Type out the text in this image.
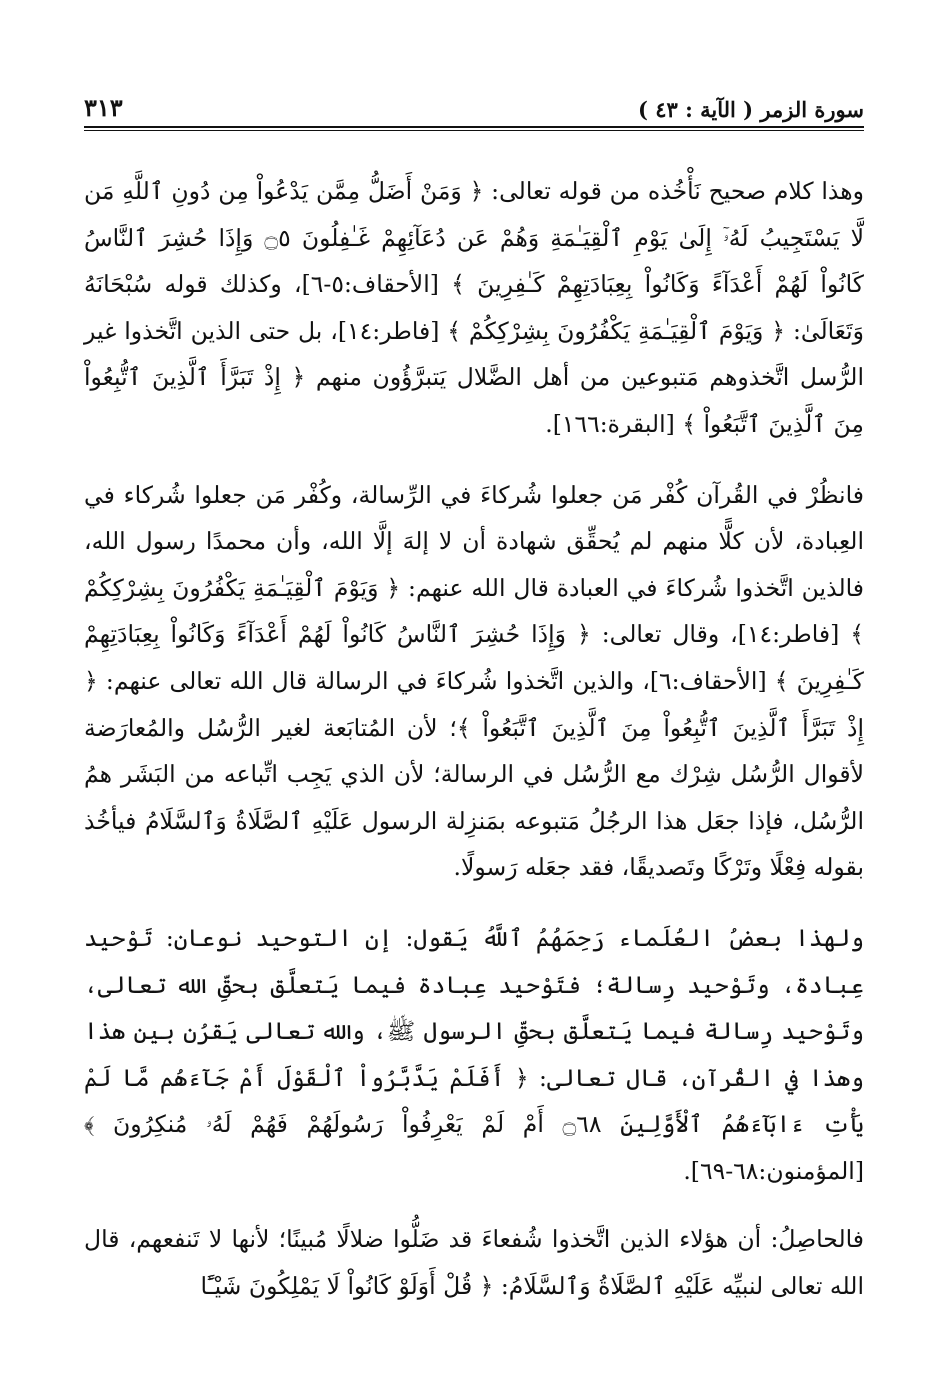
سورة الزمر ( الآية : ٤٣ )
٣١٣

وهذا كلام صحيح نَأْخُذه من قوله تعالى: ﴿ وَمَنْ أَضَلُّ مِمَّن يَدْعُواْ مِن دُونِ ٱللَّهِ مَن لَّا يَسْتَجِيبُ لَهُۥٓ إِلَىٰ يَوْمِ ٱلْقِيَـٰمَةِ وَهُمْ عَن دُعَآئِهِمْ غَـٰفِلُونَ ۝٥ وَإِذَا حُشِرَ ٱلنَّاسُ كَانُواْ لَهُمْ أَعْدَآءً وَكَانُواْ بِعِبَادَتِهِمْ كَـٰفِرِينَ ﴾ [الأحقاف:٥-٦]، وكذلك قوله سُبْحَانَهُ وَتَعَالَىٰ: ﴿ وَيَوْمَ ٱلْقِيَـٰمَةِ يَكْفُرُونَ بِشِرْكِكُمْ ﴾ [فاطر:١٤]، بل حتى الذين اتَّخذوا غير الرُّسل اتَّخذوهم مَتبوعين من أهل الضَّلال يَتبرَّؤُون منهم ﴿ إِذْ تَبَرَّأَ ٱلَّذِينَ ٱتُّبِعُواْ مِنَ ٱلَّذِينَ ٱتَّبَعُواْ ﴾ [البقرة:١٦٦].

فانظُرْ في القُرآن كُفْر مَن جعلوا شُركاءَ في الرِّسالة، وكُفْر مَن جعلوا شُركاء في العِبادة، لأن كلًّا منهم لم يُحقِّق شهادة أن لا إلهَ إلَّا الله، وأن محمدًا رسول الله، فالذين اتَّخذوا شُركاءَ في العبادة قال الله عنهم: ﴿ وَيَوْمَ ٱلْقِيَـٰمَةِ يَكْفُرُونَ بِشِرْكِكُمْ ﴾ [فاطر:١٤]، وقال تعالى: ﴿ وَإِذَا حُشِرَ ٱلنَّاسُ كَانُواْ لَهُمْ أَعْدَآءً وَكَانُواْ بِعِبَادَتِهِمْ كَـٰفِرِينَ ﴾ [الأحقاف:٦]، والذين اتَّخذوا شُركاءَ في الرسالة قال الله تعالى عنهم: ﴿ إِذْ تَبَرَّأَ ٱلَّذِينَ ٱتُّبِعُواْ مِنَ ٱلَّذِينَ ٱتَّبَعُواْ ﴾؛ لأن المُتابَعة لغير الرُّسُل والمُعارَضة لأقوال الرُّسُل شِرْك مع الرُّسُل في الرسالة؛ لأن الذي يَجِب اتِّباعه من البَشَر همُ الرُّسُل، فإذا جعَل هذا الرجُلُ مَتبوعه بمَنزِلة الرسول عَلَيْهِ ٱلصَّلَاةُ وَٱلسَّلَامُ فيأخُذ بقوله فِعْلًا وتَرْكًا وتَصديقًا، فقد جعَله رَسولًا.

ولهذا بعضُ العُلَماء رَحِمَهُمُ ٱللَّهُ يَقول: إن التوحيد نوعان: تَوْحيد عِبادة، وتَوْحيد رِسالة؛ فتَوْحيد عِبادة فيما يَتعلَّق بحقِّ الله تعالى، وتَوْحيد رِسالة فيما يَتعلَّق بحقِّ الرسول ﷺ، والله تعالى يَقرُن بين هذا وهذا في القُرآن، قال تعالى: ﴿ أَفَلَمْ يَدَّبَّرُواْ ٱلْقَوْلَ أَمْ جَآءَهُم مَّا لَمْ يَأْتِ ءَابَآءَهُمُ ٱلْأَوَّلِينَ ۝٦٨ أَمْ لَمْ يَعْرِفُواْ رَسُولَهُمْ فَهُمْ لَهُۥ مُنكِرُونَ ﴾ [المؤمنون:٦٨-٦٩].

فالحاصِلُ: أن هؤلاء الذين اتَّخذوا شُفعاءَ قد ضَلُّوا ضلالًا مُبينًا؛ لأنها لا تَنفعهم، قال الله تعالى لنبيِّه عَلَيْهِ ٱلصَّلَاةُ وَٱلسَّلَامُ: ﴿ قُلْ أَوَلَوْ كَانُواْ لَا يَمْلِكُونَ شَيْـًٔا
